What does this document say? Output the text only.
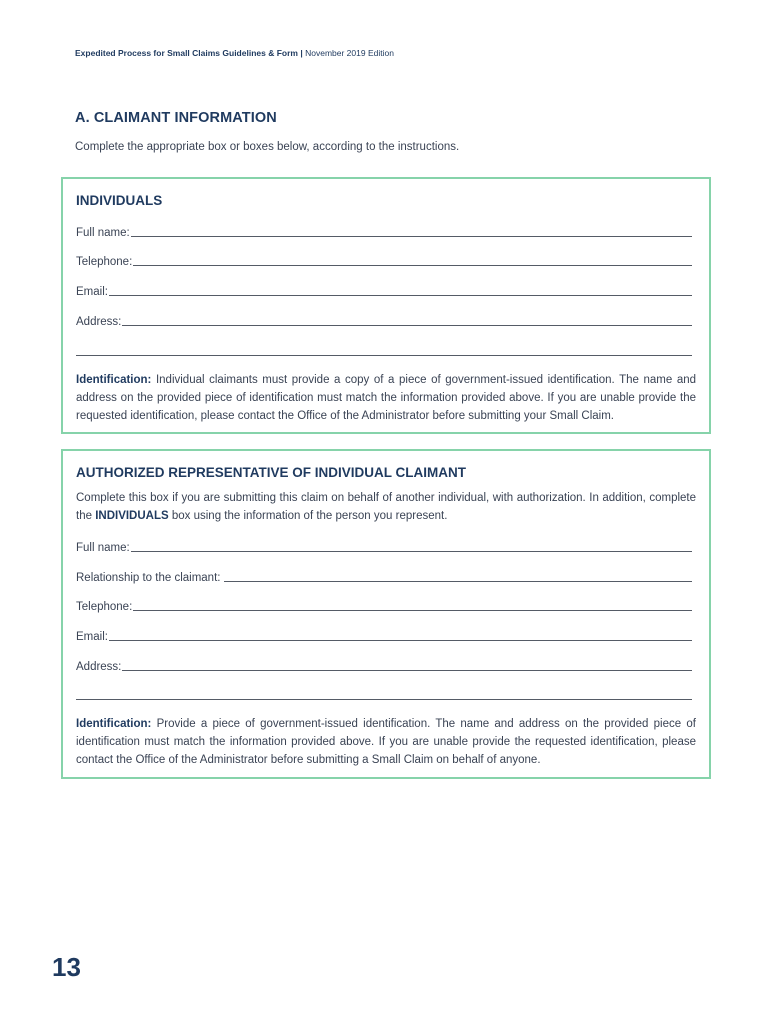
Expedited Process for Small Claims Guidelines & Form | November 2019 Edition
A. CLAIMANT INFORMATION
Complete the appropriate box or boxes below, according to the instructions.
INDIVIDUALS
Full name:
Telephone:
Email:
Address:
Identification: Individual claimants must provide a copy of a piece of government-issued identification. The name and address on the provided piece of identification must match the information provided above. If you are unable provide the requested identification, please contact the Office of the Administrator before submitting your Small Claim.
AUTHORIZED REPRESENTATIVE OF INDIVIDUAL CLAIMANT
Complete this box if you are submitting this claim on behalf of another individual, with authorization. In addition, complete the INDIVIDUALS box using the information of the person you represent.
Full name:
Relationship to the claimant:
Telephone:
Email:
Address:
Identification: Provide a piece of government-issued identification. The name and address on the provided piece of identification must match the information provided above. If you are unable provide the requested identification, please contact the Office of the Administrator before submitting a Small Claim on behalf of anyone.
13
